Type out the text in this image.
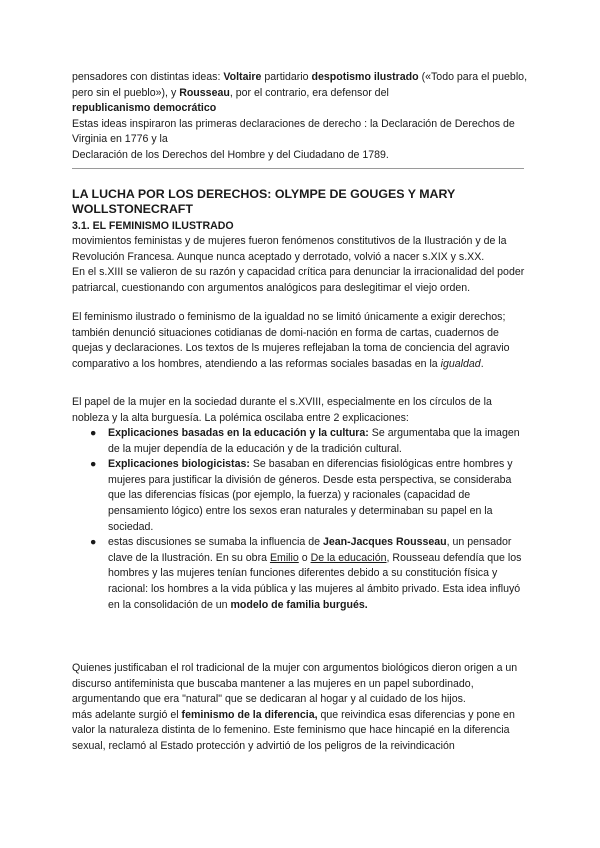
pensadores con distintas ideas: Voltaire partidario despotismo ilustrado («Todo para el pueblo, pero sin el pueblo»), y Rousseau, por el contrario, era defensor del
republicanismo democrático

Estas ideas inspiraron las primeras declaraciones de derecho : la Declaración de Derechos de Virginia en 1776 y la

Declaración de los Derechos del Hombre y del Ciudadano de 1789.

LA LUCHA POR LOS DERECHOS: OLYMPE DE GOUGES Y MARY WOLLSTONECRAFT
3.1. EL FEMINISMO ILUSTRADO

movimientos feministas y de mujeres fueron fenómenos constitutivos de la Ilustración y de la Revolución Francesa. Aunque nunca aceptado y derrotado, volvió a nacer s.XIX y s.XX.

En el s.XIII se valieron de su razón y capacidad crítica para denunciar la irracionalidad del poder patriarcal, cuestionando con argumentos analógicos para deslegitimar el viejo orden.

El feminismo ilustrado o feminismo de la igualdad no se limitó únicamente a exigir derechos; también denunció situaciones cotidianas de domi-nación en forma de cartas, cuadernos de quejas y declaraciones. Los textos de ls mujeres reflejaban la toma de conciencia del agravio comparativo a los hombres, atendiendo a las reformas sociales basadas en la igualdad.

El papel de la mujer en la sociedad durante el s.XVIII, especialmente en los círculos de la nobleza y la alta burguesía. La polémica oscilaba entre 2 explicaciones:

● Explicaciones basadas en la educación y la cultura: Se argumentaba que la imagen de la mujer dependía de la educación y de la tradición cultural.
● Explicaciones biologicistas: Se basaban en diferencias fisiológicas entre hombres y mujeres para justificar la división de géneros. Desde esta perspectiva, se consideraba que las diferencias físicas (por ejemplo, la fuerza) y racionales (capacidad de pensamiento lógico) entre los sexos eran naturales y determinaban su papel en la sociedad.
● estas discusiones se sumaba la influencia de Jean-Jacques Rousseau, un pensador clave de la Ilustración. En su obra Emilio o De la educación, Rousseau defendía que los hombres y las mujeres tenían funciones diferentes debido a su constitución física y racional: los hombres a la vida pública y las mujeres al ámbito privado. Esta idea influyó en la consolidación de un modelo de familia burgués.

Quienes justificaban el rol tradicional de la mujer con argumentos biológicos dieron origen a un discurso antifeminista que buscaba mantener a las mujeres en un papel subordinado, argumentando que era "natural" que se dedicaran al hogar y al cuidado de los hijos.

más adelante surgió el feminismo de la diferencia, que reivindica esas diferencias y pone en valor la naturaleza distinta de lo femenino. Este feminismo que hace hincapié en la diferencia sexual, reclamó al Estado protección y advirtió de los peligros de la reivindicación
